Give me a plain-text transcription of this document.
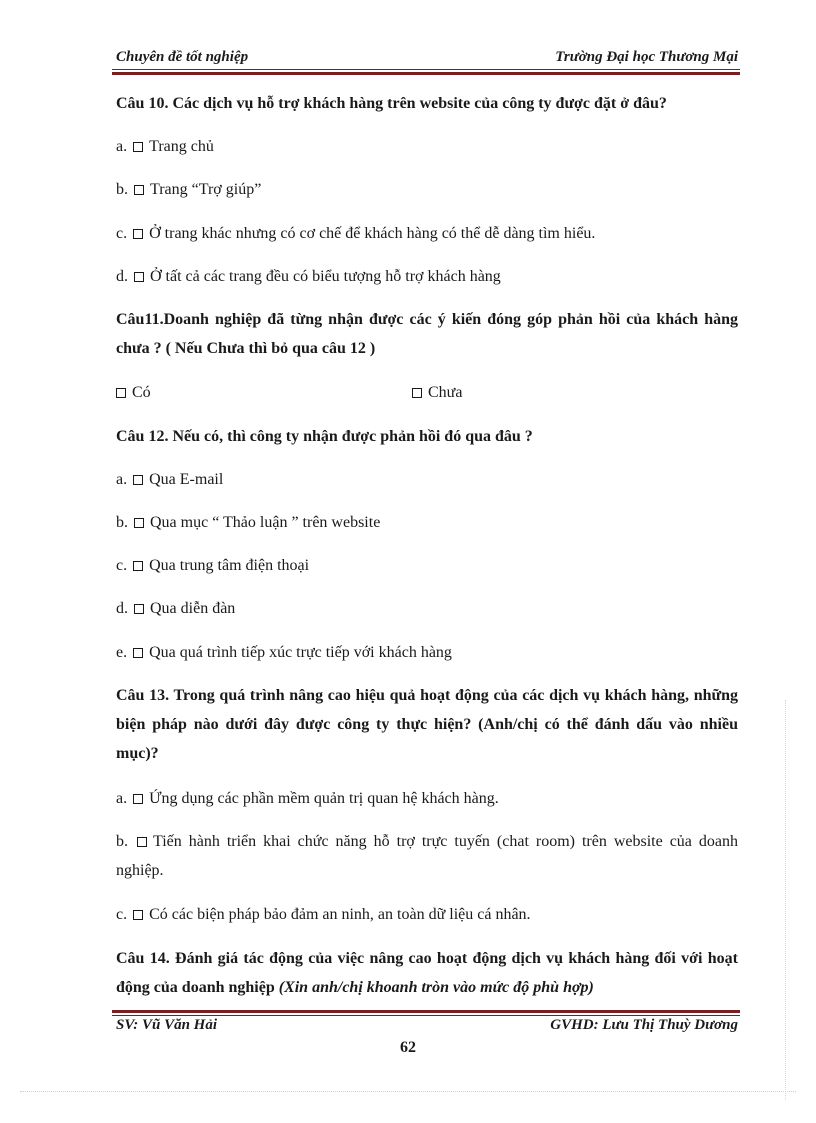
Chuyên đề tốt nghiệp	Trường Đại học Thương Mại
Câu 10. Các dịch vụ hỗ trợ khách hàng trên website của công ty được đặt ở đâu?
a. Trang chủ
b. Trang “Trợ giúp”
c. Ở trang khác nhưng có cơ chế để khách hàng có thể dễ dàng tìm hiểu.
d. Ở tất cả các trang đều có biểu tượng hỗ trợ khách hàng
Câu11.Doanh nghiệp đã từng nhận được các ý kiến đóng góp phản hồi của khách hàng chưa ? ( Nếu Chưa thì bỏ qua câu 12 )
Có	Chưa
Câu 12. Nếu có, thì công ty nhận được phản hồi đó qua đâu ?
a. Qua E-mail
b. Qua mục “ Thảo luận ” trên website
c. Qua trung tâm điện thoại
d. Qua diễn đàn
e. Qua quá trình tiếp xúc trực tiếp với khách hàng
Câu 13. Trong quá trình nâng cao hiệu quả hoạt động của các dịch vụ khách hàng, những biện pháp nào dưới đây được công ty thực hiện? (Anh/chị có thể đánh dấu vào nhiều mục)?
a. Ứng dụng các phần mềm quản trị quan hệ khách hàng.
b. Tiến hành triển khai chức năng hỗ trợ trực tuyến (chat room) trên website của doanh nghiệp.
c. Có các biện pháp bảo đảm an ninh, an toàn dữ liệu cá nhân.
Câu 14. Đánh giá tác động của việc nâng cao hoạt động dịch vụ khách hàng đối với hoạt động của doanh nghiệp (Xin anh/chị khoanh tròn vào mức độ phù hợp)
SV: Vũ Văn Hải	GVHD: Lưu Thị Thuỳ Dương
62
